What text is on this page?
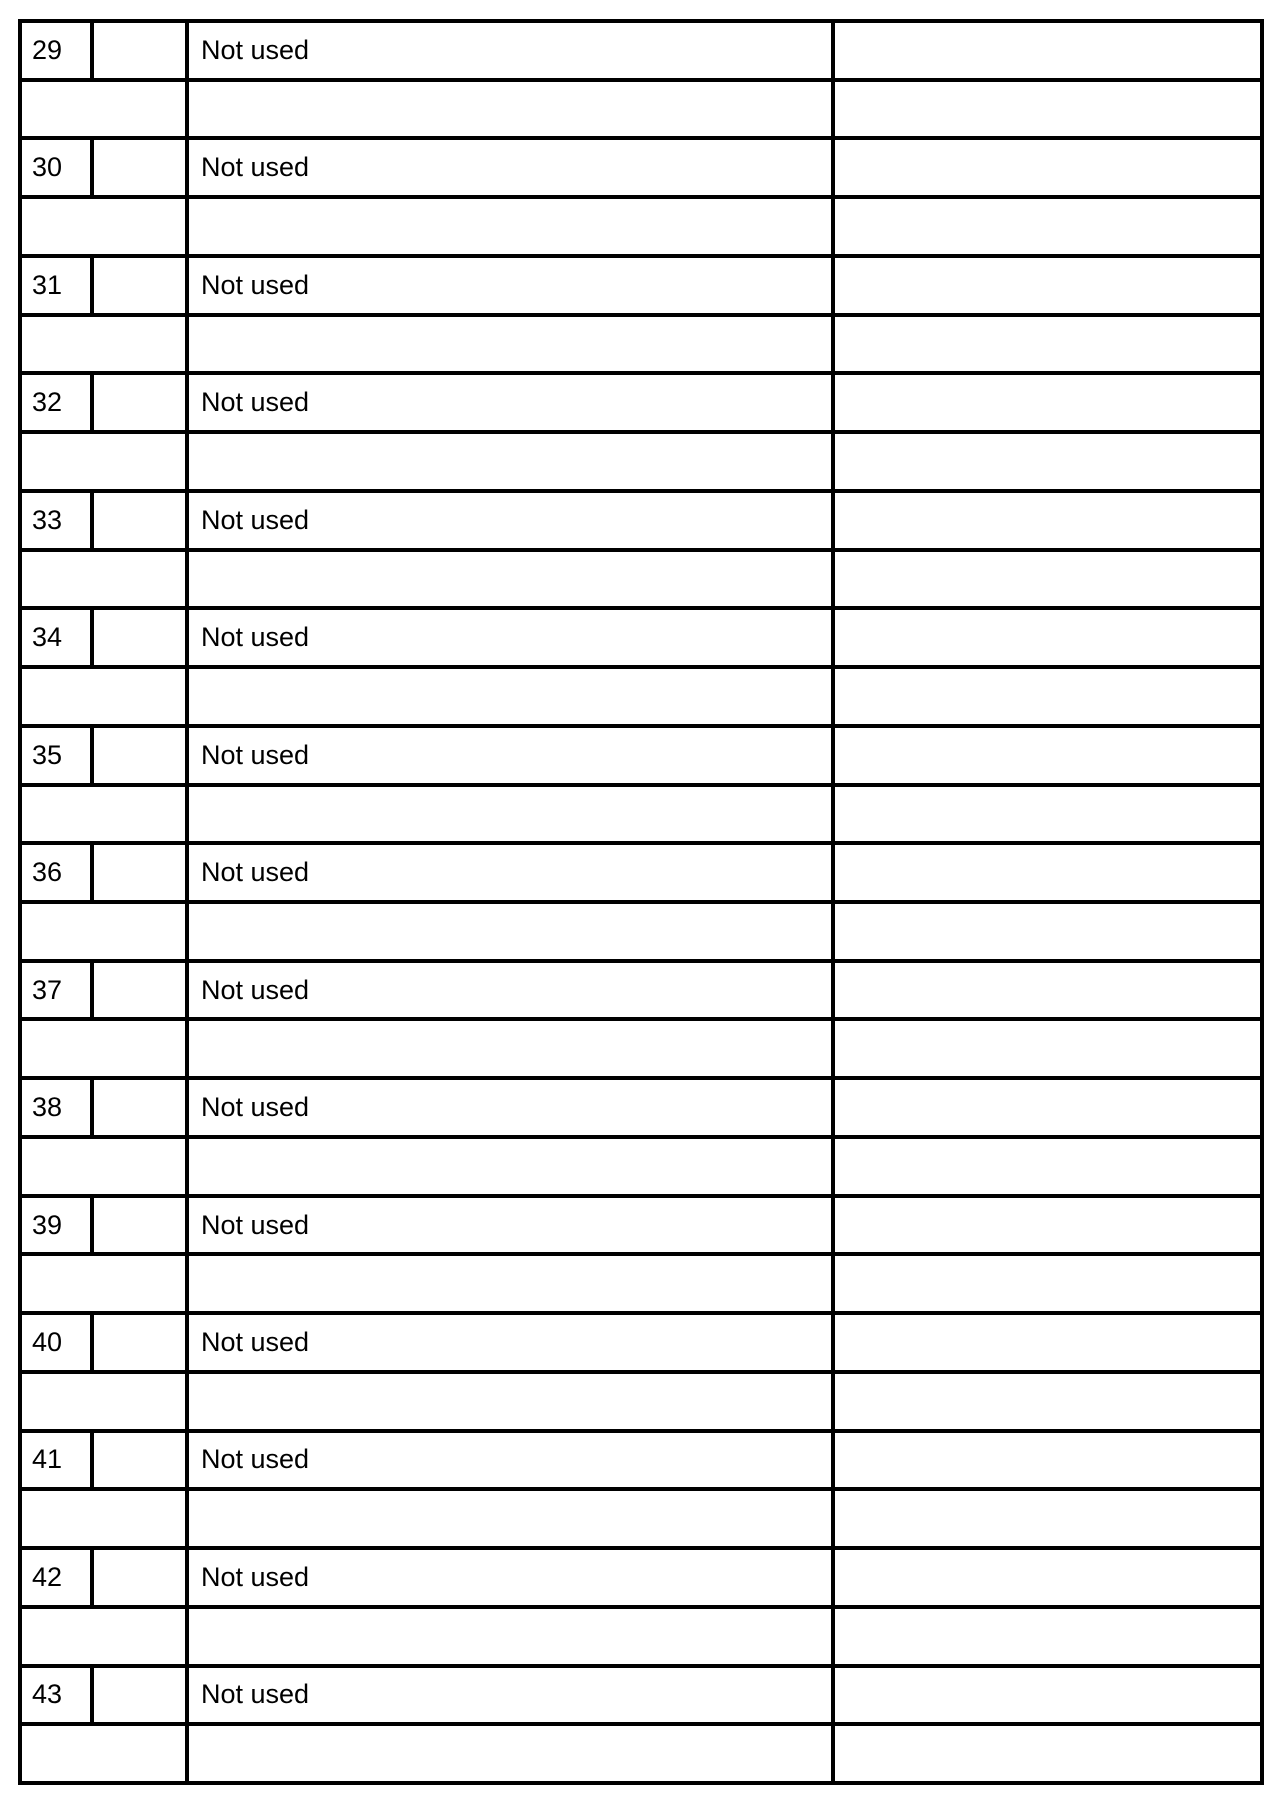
29	Not used
30	Not used
31	Not used
32	Not used
33	Not used
34	Not used
35	Not used
36	Not used
37	Not used
38	Not used
39	Not used
40	Not used
41	Not used
42	Not used
43	Not used
